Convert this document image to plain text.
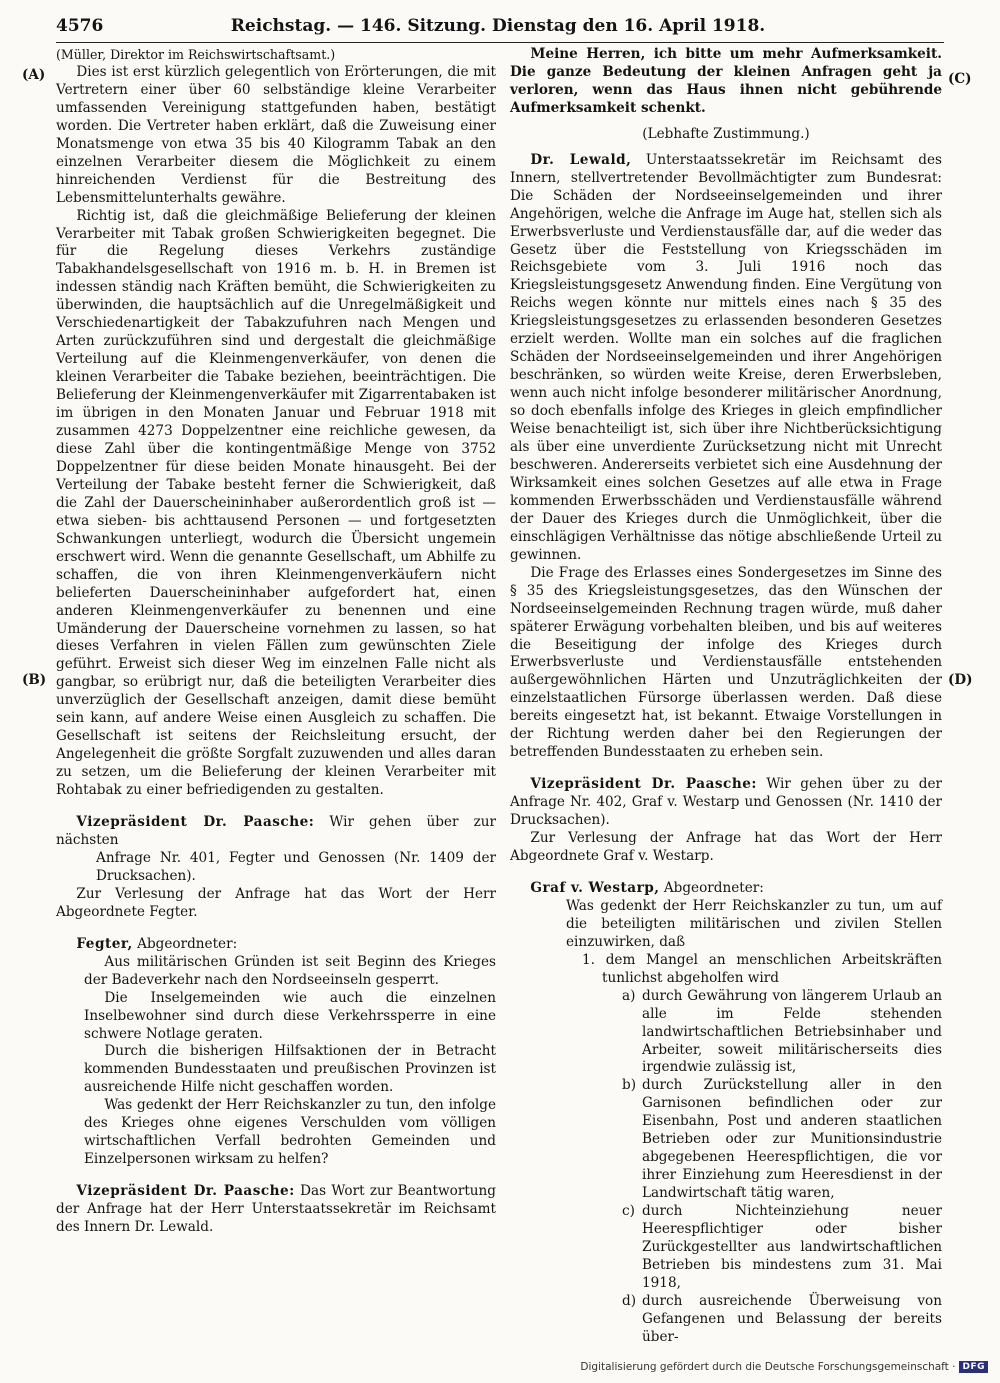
4576	Reichstag. — 146. Sitzung. Dienstag den 16. April 1918.
(A)
(B)
(C)
(D)

(Müller, Direktor im Reichswirtschaftsamt.)

Dies ist erst kürzlich gelegentlich von Erörterungen, die mit Vertretern einer über 60 selbständige kleine Verarbeiter umfassenden Vereinigung stattgefunden haben, bestätigt worden. Die Vertreter haben erklärt, daß die Zuweisung einer Monatsmenge von etwa 35 bis 40 Kilogramm Tabak an den einzelnen Verarbeiter diesem die Möglichkeit zu einem hinreichenden Verdienst für die Bestreitung des Lebensmittelunterhalts gewähre.

Richtig ist, daß die gleichmäßige Belieferung der kleinen Verarbeiter mit Tabak großen Schwierigkeiten begegnet. Die für die Regelung dieses Verkehrs zuständige Tabakhandelsgesellschaft von 1916 m. b. H. in Bremen ist indessen ständig nach Kräften bemüht, die Schwierigkeiten zu überwinden, die hauptsächlich auf die Unregelmäßigkeit und Verschiedenartigkeit der Tabakzufuhren nach Mengen und Arten zurückzuführen sind und dergestalt die gleichmäßige Verteilung auf die Kleinmengenverkäufer, von denen die kleinen Verarbeiter die Tabake beziehen, beeinträchtigen. Die Belieferung der Kleinmengenverkäufer mit Zigarrentabaken ist im übrigen in den Monaten Januar und Februar 1918 mit zusammen 4273 Doppelzentner eine reichliche gewesen, da diese Zahl über die kontingentmäßige Menge von 3752 Doppelzentner für diese beiden Monate hinausgeht. Bei der Verteilung der Tabake besteht ferner die Schwierigkeit, daß die Zahl der Dauerscheininhaber außerordentlich groß ist — etwa sieben- bis achttausend Personen — und fortgesetzten Schwankungen unterliegt, wodurch die Übersicht ungemein erschwert wird. Wenn die genannte Gesellschaft, um Abhilfe zu schaffen, die von ihren Kleinmengenverkäufern nicht belieferten Dauerscheininhaber aufgefordert hat, einen anderen Kleinmengenverkäufer zu benennen und eine Umänderung der Dauerscheine vornehmen zu lassen, so hat dieses Verfahren in vielen Fällen zum gewünschten Ziele geführt. Erweist sich dieser Weg im einzelnen Falle nicht als gangbar, so erübrigt nur, daß die beteiligten Verarbeiter dies unverzüglich der Gesellschaft anzeigen, damit diese bemüht sein kann, auf andere Weise einen Ausgleich zu schaffen. Die Gesellschaft ist seitens der Reichsleitung ersucht, der Angelegenheit die größte Sorgfalt zuzuwenden und alles daran zu setzen, um die Belieferung der kleinen Verarbeiter mit Rohtabak zu einer befriedigenden zu gestalten.

Vizepräsident Dr. Paasche: Wir gehen über zur nächsten

Anfrage Nr. 401, Fegter und Genossen (Nr. 1409 der Drucksachen).

Zur Verlesung der Anfrage hat das Wort der Herr Abgeordnete Fegter.

Fegter, Abgeordneter:

Aus militärischen Gründen ist seit Beginn des Krieges der Badeverkehr nach den Nordseeinseln gesperrt.

Die Inselgemeinden wie auch die einzelnen Inselbewohner sind durch diese Verkehrssperre in eine schwere Notlage geraten.

Durch die bisherigen Hilfsaktionen der in Betracht kommenden Bundesstaaten und preußischen Provinzen ist ausreichende Hilfe nicht geschaffen worden.

Was gedenkt der Herr Reichskanzler zu tun, den infolge des Krieges ohne eigenes Verschulden vom völligen wirtschaftlichen Verfall bedrohten Gemeinden und Einzelpersonen wirksam zu helfen?

Vizepräsident Dr. Paasche: Das Wort zur Beantwortung der Anfrage hat der Herr Unterstaatssekretär im Reichsamt des Innern Dr. Lewald.

Meine Herren, ich bitte um mehr Aufmerksamkeit. Die ganze Bedeutung der kleinen Anfragen geht ja verloren, wenn das Haus ihnen nicht gebührende Aufmerksamkeit schenkt.

(Lebhafte Zustimmung.)

Dr. Lewald, Unterstaatssekretär im Reichsamt des Innern, stellvertretender Bevollmächtigter zum Bundesrat: Die Schäden der Nordseeinselgemeinden und ihrer Angehörigen, welche die Anfrage im Auge hat, stellen sich als Erwerbsverluste und Verdienstausfälle dar, auf die weder das Gesetz über die Feststellung von Kriegsschäden im Reichsgebiete vom 3. Juli 1916 noch das Kriegsleistungsgesetz Anwendung finden. Eine Vergütung von Reichs wegen könnte nur mittels eines nach § 35 des Kriegsleistungsgesetzes zu erlassenden besonderen Gesetzes erzielt werden. Wollte man ein solches auf die fraglichen Schäden der Nordseeinselgemeinden und ihrer Angehörigen beschränken, so würden weite Kreise, deren Erwerbsleben, wenn auch nicht infolge besonderer militärischer Anordnung, so doch ebenfalls infolge des Krieges in gleich empfindlicher Weise benachteiligt ist, sich über ihre Nichtberücksichtigung als über eine unverdiente Zurücksetzung nicht mit Unrecht beschweren. Andererseits verbietet sich eine Ausdehnung der Wirksamkeit eines solchen Gesetzes auf alle etwa in Frage kommenden Erwerbsschäden und Verdienstausfälle während der Dauer des Krieges durch die Unmöglichkeit, über die einschlägigen Verhältnisse das nötige abschließende Urteil zu gewinnen.

Die Frage des Erlasses eines Sondergesetzes im Sinne des § 35 des Kriegsleistungsgesetzes, das den Wünschen der Nordseeinselgemeinden Rechnung tragen würde, muß daher späterer Erwägung vorbehalten bleiben, und bis auf weiteres die Beseitigung der infolge des Krieges durch Erwerbsverluste und Verdienstausfälle entstehenden außergewöhnlichen Härten und Unzuträglichkeiten der einzelstaatlichen Fürsorge überlassen werden. Daß diese bereits eingesetzt hat, ist bekannt. Etwaige Vorstellungen in der Richtung werden daher bei den Regierungen der betreffenden Bundesstaaten zu erheben sein.

Vizepräsident Dr. Paasche: Wir gehen über zu der Anfrage Nr. 402, Graf v. Westarp und Genossen (Nr. 1410 der Drucksachen).

Zur Verlesung der Anfrage hat das Wort der Herr Abgeordnete Graf v. Westarp.

Graf v. Westarp, Abgeordneter:

Was gedenkt der Herr Reichskanzler zu tun, um auf die beteiligten militärischen und zivilen Stellen einzuwirken, daß

1. dem Mangel an menschlichen Arbeitskräften tunlichst abgeholfen wird
a) durch Gewährung von längerem Urlaub an alle im Felde stehenden landwirtschaftlichen Betriebsinhaber und Arbeiter, soweit militärischerseits dies irgendwie zulässig ist,
b) durch Zurückstellung aller in den Garnisonen befindlichen oder zur Eisenbahn, Post und anderen staatlichen Betrieben oder zur Munitionsindustrie abgegebenen Heerespflichtigen, die vor ihrer Einziehung zum Heeresdienst in der Landwirtschaft tätig waren,
c) durch Nichteinziehung neuer Heerespflichtiger oder bisher Zurückgestellter aus landwirtschaftlichen Betrieben bis mindestens zum 31. Mai 1918,
d) durch ausreichende Überweisung von Gefangenen und Belassung der bereits über-
Digitalisierung gefördert durch die Deutsche Forschungsgemeinschaft · DFG
